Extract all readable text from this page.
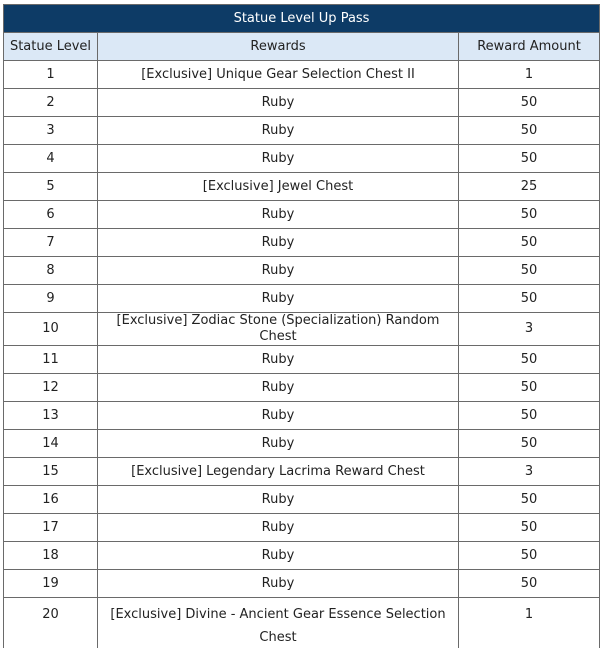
Statue Level Up Pass		
Statue Level	Rewards	Reward Amount
1	[Exclusive] Unique Gear Selection Chest II	1
2	Ruby	50
3	Ruby	50
4	Ruby	50
5	[Exclusive] Jewel Chest	25
6	Ruby	50
7	Ruby	50
8	Ruby	50
9	Ruby	50
10	[Exclusive] Zodiac Stone (Specialization) Random Chest	3
11	Ruby	50
12	Ruby	50
13	Ruby	50
14	Ruby	50
15	[Exclusive] Legendary Lacrima Reward Chest	3
16	Ruby	50
17	Ruby	50
18	Ruby	50
19	Ruby	50
20	[Exclusive] Divine - Ancient Gear Essence Selection Chest	1
